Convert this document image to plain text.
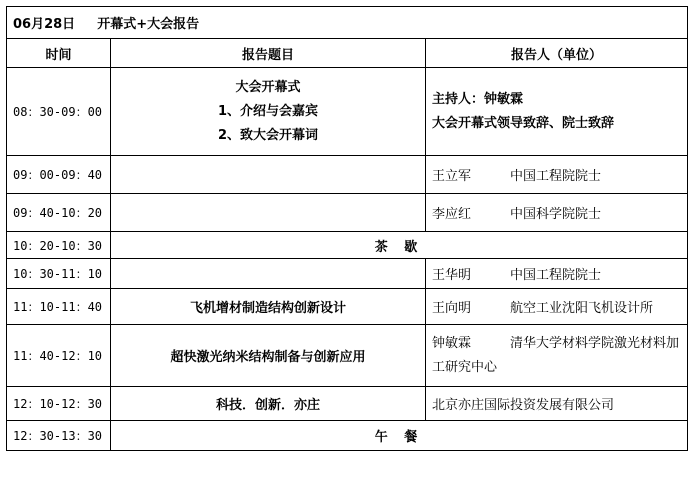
06月28日 开幕式+大会报告		
时间	报告题目	报告人（单位）
08：30-09：00	大会开幕式
1、介绍与会嘉宾
2、致大会开幕词	主持人：钟敏霖
大会开幕式领导致辞、院士致辞

09：00-09：40		王立军 中国工程院院士
09：40-10：20		李应红 中国科学院院士
10：20-10：30	茶 歇	
10：30-11：10		王华明 中国工程院院士
11：10-11：40	飞机增材制造结构创新设计	王向明 航空工业沈阳飞机设计所
11：40-12：10	超快激光纳米结构制备与创新应用	钟敏霖 清华大学材料学院激光材料加工研究中心
12：10-12：30	科技．创新．亦庄	北京亦庄国际投资发展有限公司
12：30-13：30	午 餐	
